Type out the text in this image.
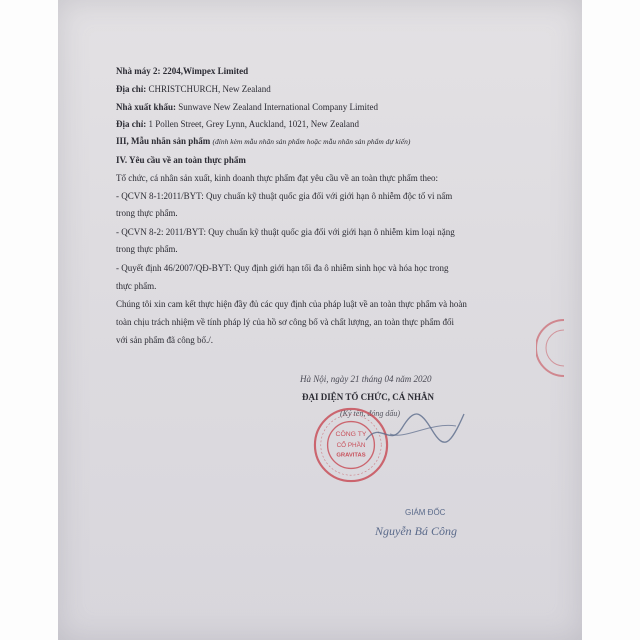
Nhà máy 2: 2204,Wimpex Limited
Địa chỉ: CHRISTCHURCH, New Zealand
Nhà xuất khẩu: Sunwave New Zealand International Company Limited
Địa chỉ: 1 Pollen Street, Grey Lynn, Auckland, 1021, New Zealand
III, Mẫu nhãn sản phẩm (đính kèm mẫu nhãn sản phẩm hoặc mẫu nhãn sản phẩm dự kiến)
IV. Yêu cầu về an toàn thực phẩm
Tổ chức, cá nhân sản xuất, kinh doanh thực phẩm đạt yêu cầu về an toàn thực phẩm theo:
- QCVN 8-1:2011/BYT: Quy chuẩn kỹ thuật quốc gia đối với giới hạn ô nhiễm độc tố vi nấm
trong thực phẩm.
- QCVN 8-2: 2011/BYT: Quy chuẩn kỹ thuật quốc gia đối với giới hạn ô nhiễm kim loại nặng
trong thực phẩm.
- Quyết định 46/2007/QĐ-BYT: Quy định giới hạn tối đa ô nhiễm sinh học và hóa học trong
thực phẩm.
Chúng tôi xin cam kết thực hiện đầy đủ các quy định của pháp luật về an toàn thực phẩm và hoàn
toàn chịu trách nhiệm về tính pháp lý của hồ sơ công bố và chất lượng, an toàn thực phẩm đối
với sản phẩm đã công bố./.
Hà Nội, ngày 21 tháng 04 năm 2020
ĐẠI DIỆN TỔ CHỨC, CÁ NHÂN
(Ký tên, đóng dấu)
CÔNG TY
CỔ PHẦN
GRAVITAS
GIÁM ĐỐC
Nguyễn Bá Công
